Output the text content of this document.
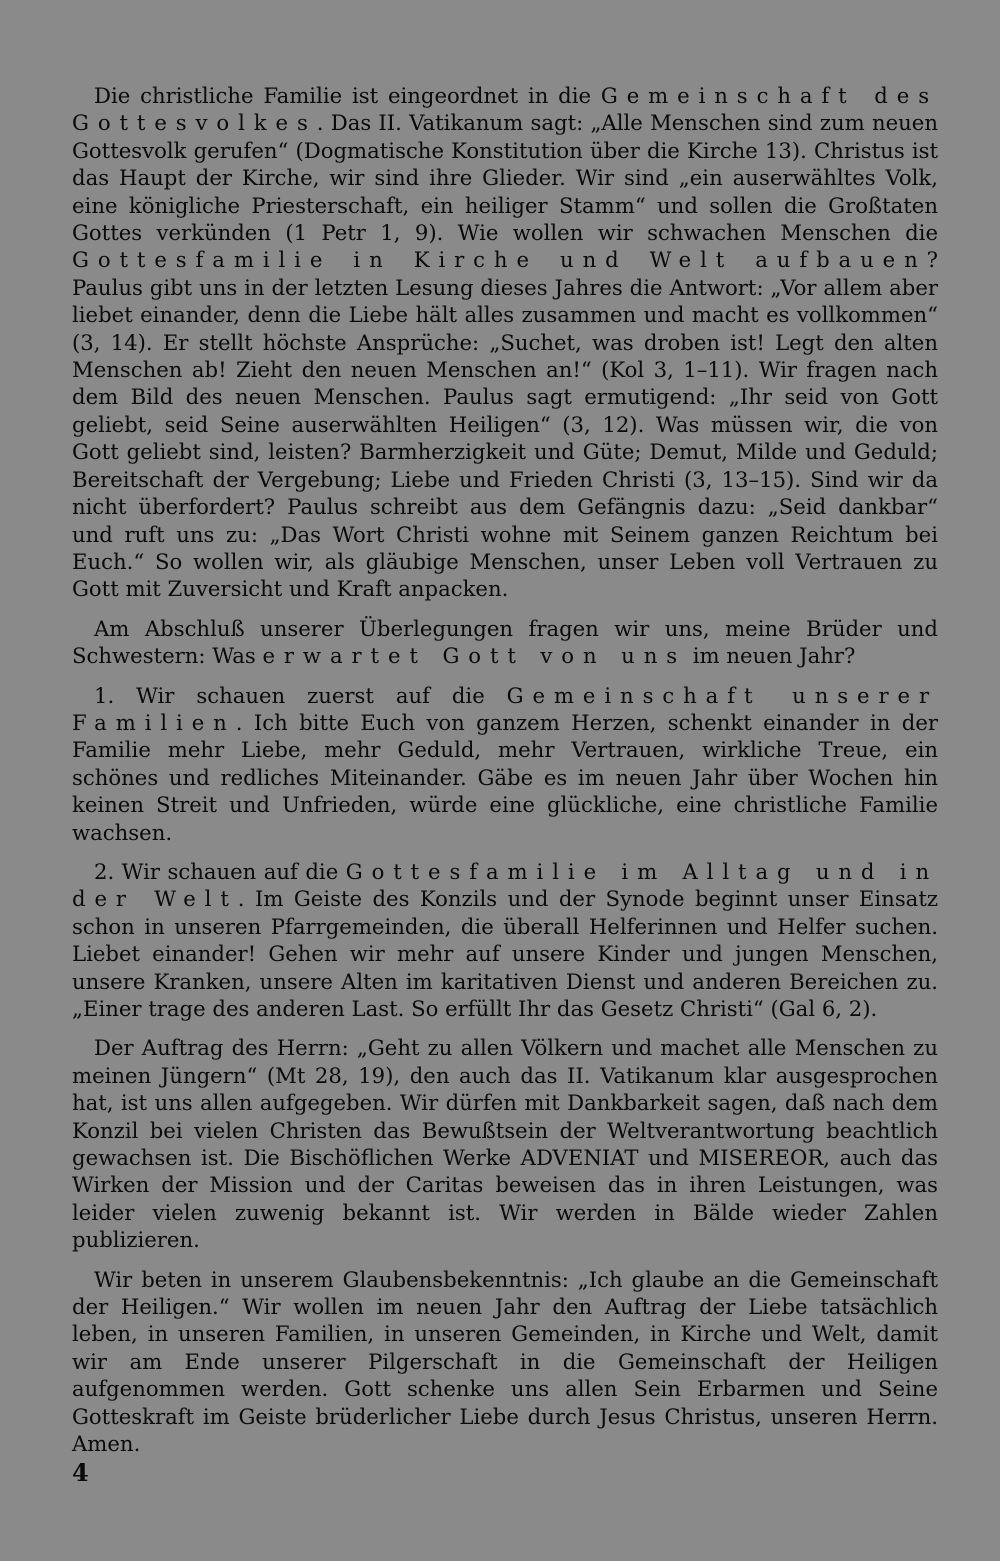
Die christliche Familie ist eingeordnet in die Gemeinschaft des Gottesvolkes. Das II. Vatikanum sagt: „Alle Menschen sind zum neuen Gottesvolk gerufen“ (Dogmatische Konstitution über die Kirche 13). Christus ist das Haupt der Kirche, wir sind ihre Glieder. Wir sind „ein auserwähltes Volk, eine königliche Priesterschaft, ein heiliger Stamm“ und sollen die Großtaten Gottes verkünden (1 Petr 1, 9). Wie wollen wir schwachen Menschen die Gottesfamilie in Kirche und Welt aufbauen? Paulus gibt uns in der letzten Lesung dieses Jahres die Antwort: „Vor allem aber liebet einander, denn die Liebe hält alles zusammen und macht es vollkommen“ (3, 14). Er stellt höchste Ansprüche: „Suchet, was droben ist! Legt den alten Menschen ab! Zieht den neuen Menschen an!“ (Kol 3, 1–11). Wir fragen nach dem Bild des neuen Menschen. Paulus sagt ermutigend: „Ihr seid von Gott geliebt, seid Seine auserwählten Heiligen“ (3, 12). Was müssen wir, die von Gott geliebt sind, leisten? Barmherzigkeit und Güte; Demut, Milde und Geduld; Bereitschaft der Vergebung; Liebe und Frieden Christi (3, 13–15). Sind wir da nicht überfordert? Paulus schreibt aus dem Gefängnis dazu: „Seid dankbar“ und ruft uns zu: „Das Wort Christi wohne mit Seinem ganzen Reichtum bei Euch.“ So wollen wir, als gläubige Menschen, unser Leben voll Vertrauen zu Gott mit Zuversicht und Kraft anpacken.

Am Abschluß unserer Überlegungen fragen wir uns, meine Brüder und Schwestern: Was erwartet Gott von uns im neuen Jahr?

1. Wir schauen zuerst auf die Gemeinschaft unserer Familien. Ich bitte Euch von ganzem Herzen, schenkt einander in der Familie mehr Liebe, mehr Geduld, mehr Vertrauen, wirkliche Treue, ein schönes und redliches Miteinander. Gäbe es im neuen Jahr über Wochen hin keinen Streit und Unfrieden, würde eine glückliche, eine christliche Familie wachsen.

2. Wir schauen auf die Gottesfamilie im Alltag und in der Welt. Im Geiste des Konzils und der Synode beginnt unser Einsatz schon in unseren Pfarrgemeinden, die überall Helferinnen und Helfer suchen. Liebet einander! Gehen wir mehr auf unsere Kinder und jungen Menschen, unsere Kranken, unsere Alten im karitativen Dienst und anderen Bereichen zu. „Einer trage des anderen Last. So erfüllt Ihr das Gesetz Christi“ (Gal 6, 2).

Der Auftrag des Herrn: „Geht zu allen Völkern und machet alle Menschen zu meinen Jüngern“ (Mt 28, 19), den auch das II. Vatikanum klar ausgesprochen hat, ist uns allen aufgegeben. Wir dürfen mit Dankbarkeit sagen, daß nach dem Konzil bei vielen Christen das Bewußtsein der Weltverantwortung beachtlich gewachsen ist. Die Bischöflichen Werke ADVENIAT und MISEREOR, auch das Wirken der Mission und der Caritas beweisen das in ihren Leistungen, was leider vielen zuwenig bekannt ist. Wir werden in Bälde wieder Zahlen publizieren.

Wir beten in unserem Glaubensbekenntnis: „Ich glaube an die Gemeinschaft der Heiligen.“ Wir wollen im neuen Jahr den Auftrag der Liebe tatsächlich leben, in unseren Familien, in unseren Gemeinden, in Kirche und Welt, damit wir am Ende unserer Pilgerschaft in die Gemeinschaft der Heiligen aufgenommen werden. Gott schenke uns allen Sein Erbarmen und Seine Gotteskraft im Geiste brüderlicher Liebe durch Jesus Christus, unseren Herrn. Amen.

4
